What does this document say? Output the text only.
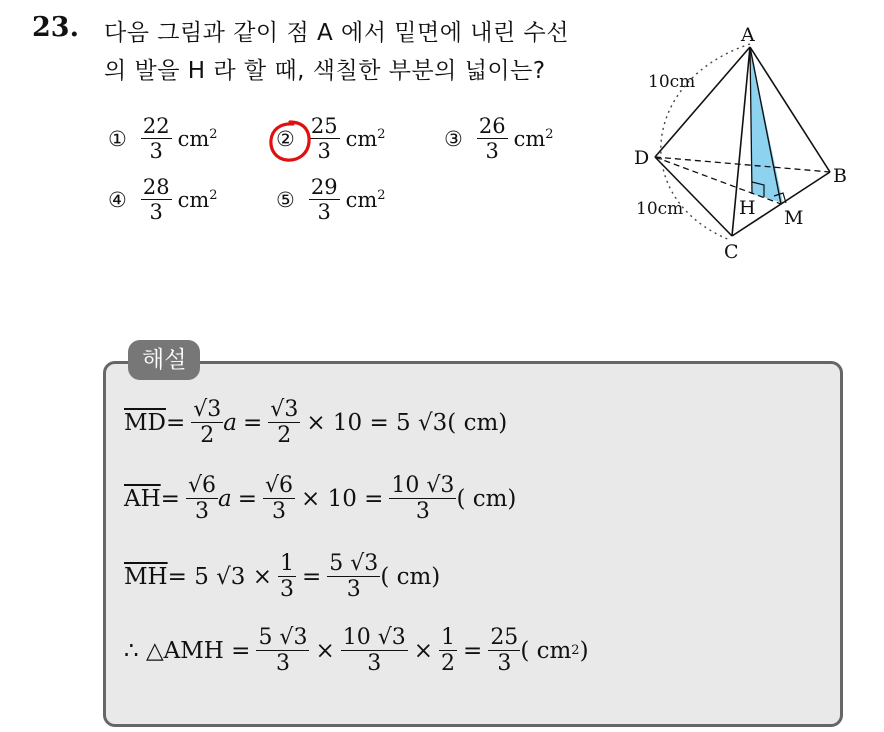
23. 다음 그림과 같이 점 A 에서 밑면에 내린 수선
의 발을 H 라 할 때, 색칠한 부분의 넓이는?
① $\frac{22}{3} cm^2$	② $\frac{25}{3} cm^2$	③ $\frac{26}{3} cm^2$
④ $\frac{28}{3} cm^2$	⑤ $\frac{29}{3} cm^2$
A
B
C
D
H M
10cm
10cm
해설
$\overline{MD} = \frac{√3}{2}$ $a = \frac{√3}{2} \times 10 = 5$ √3( cm)
$\overline{AH} = \frac{√6}{3}$ $a = \frac{√6}{3} \times 10 = \frac{10 √3}{3}$ ( cm)
$\overline{MH} = 5$ $√3 \times \frac{1}{3} = \frac{5 √3}{3}$ ( cm)
∴ △AMH = $\frac{5 √3}{3} \times \frac{10 √3}{3} \times \frac{1}{2} = \frac{25}{3}$ ( cm 2 )
